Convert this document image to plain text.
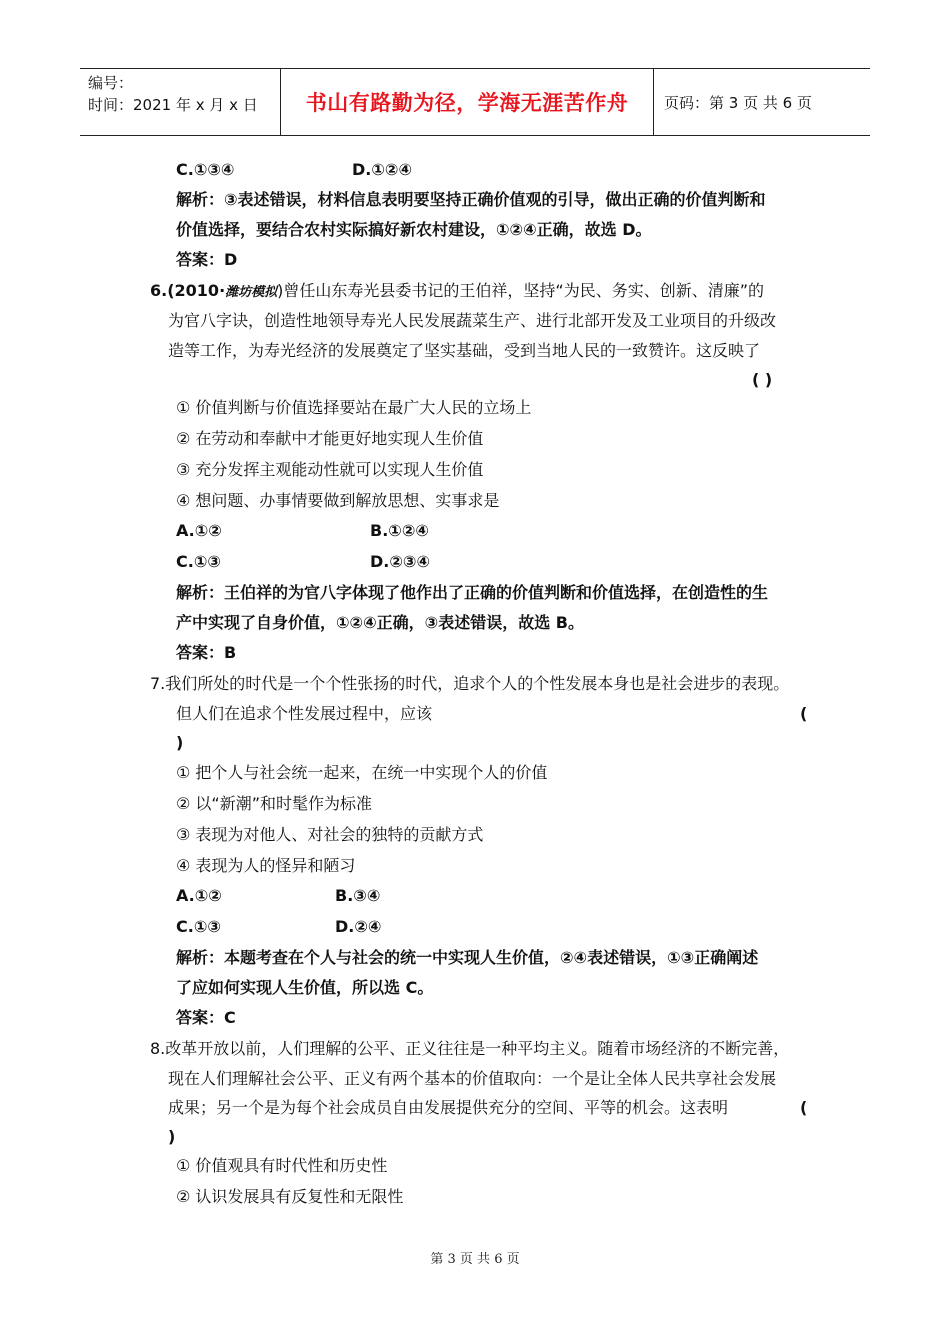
编号：
时间：2021 年 x 月 x 日	书山有路勤为径，学海无涯苦作舟	页码：第 3 页 共 6 页
C.①③④	D.①②④
解析：③表述错误，材料信息表明要坚持正确价值观的引导，做出正确的价值判断和
价值选择，要结合农村实际搞好新农村建设，①②④正确，故选 D。
答案：D
6.(2010·潍坊模拟)曾任山东寿光县委书记的王伯祥，坚持“为民、务实、创新、清廉”的
为官八字诀，创造性地领导寿光人民发展蔬菜生产、进行北部开发及工业项目的升级改
造等工作，为寿光经济的发展奠定了坚实基础，受到当地人民的一致赞许。这反映了
( )
① 价值判断与价值选择要站在最广大人民的立场上
② 在劳动和奉献中才能更好地实现人生价值
③ 充分发挥主观能动性就可以实现人生价值
④ 想问题、办事情要做到解放思想、实事求是
A.①②	B.①②④
C.①③	D.②③④
解析：王伯祥的为官八字体现了他作出了正确的价值判断和价值选择，在创造性的生
产中实现了自身价值，①②④正确，③表述错误，故选 B。
答案：B
7.我们所处的时代是一个个性张扬的时代，追求个人的个性发展本身也是社会进步的表现。
但人们在追求个性发展过程中，应该	(
)
① 把个人与社会统一起来，在统一中实现个人的价值
② 以“新潮”和时髦作为标准
③ 表现为对他人、对社会的独特的贡献方式
④ 表现为人的怪异和陋习
A.①②	B.③④
C.①③	D.②④
解析：本题考查在个人与社会的统一中实现人生价值，②④表述错误，①③正确阐述
了应如何实现人生价值，所以选 C。
答案：C
8.改革开放以前，人们理解的公平、正义往往是一种平均主义。随着市场经济的不断完善，
现在人们理解社会公平、正义有两个基本的价值取向：一个是让全体人民共享社会发展
成果；另一个是为每个社会成员自由发展提供充分的空间、平等的机会。这表明	(
)
① 价值观具有时代性和历史性
② 认识发展具有反复性和无限性
第 3 页 共 6 页
